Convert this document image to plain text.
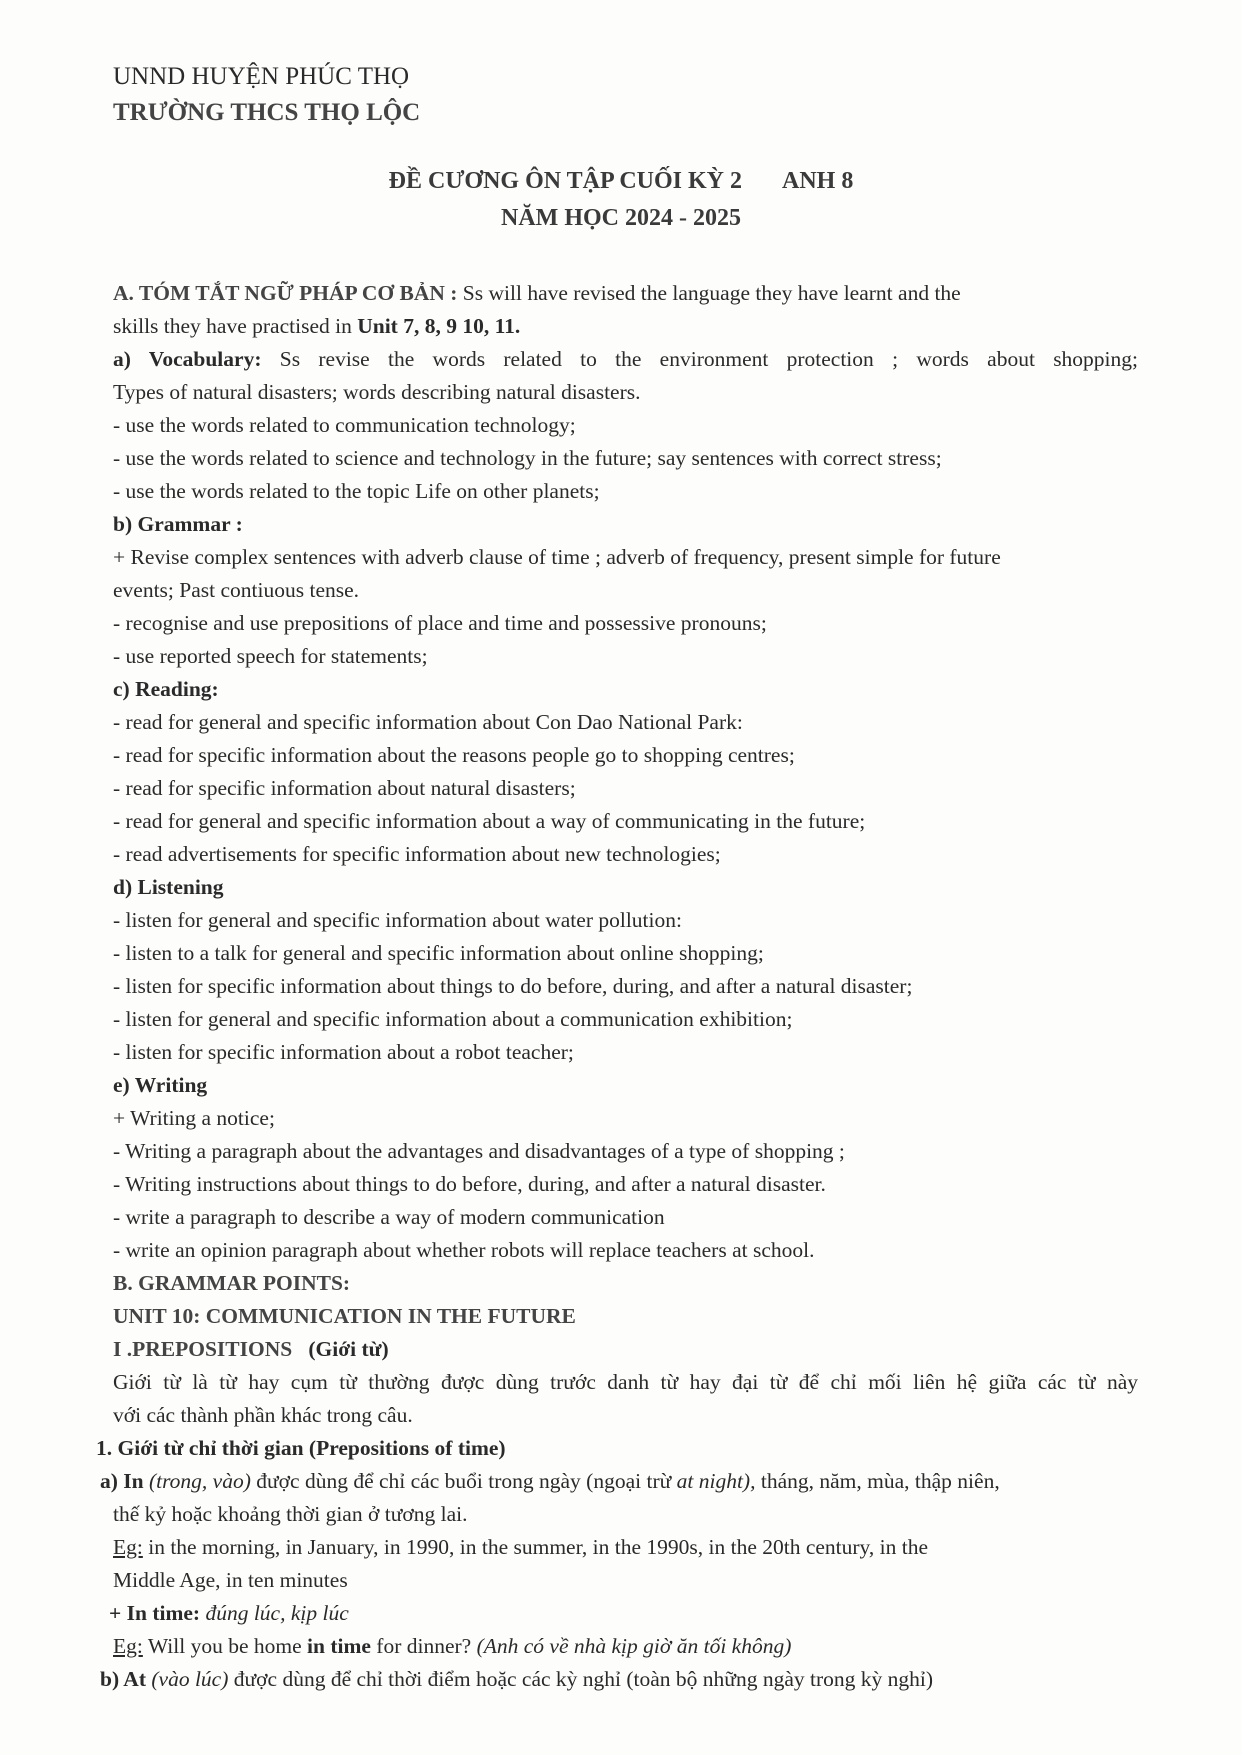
UNND HUYỆN PHÚC THỌ
TRƯỜNG THCS THỌ LỘC
ĐỀ CƯƠNG ÔN TẬP CUỐI KỲ 2 ANH 8
NĂM HỌC 2024 - 2025
A. TÓM TẮT NGỮ PHÁP CƠ BẢN : Ss will have revised the language they have learnt and the
skills they have practised in Unit 7, 8, 9 10, 11.
a) Vocabulary: Ss revise the words related to the environment protection ; words about shopping;
Types of natural disasters; words describing natural disasters.
- use the words related to communication technology;
- use the words related to science and technology in the future; say sentences with correct stress;
- use the words related to the topic Life on other planets;
b) Grammar :
+ Revise complex sentences with adverb clause of time ; adverb of frequency, present simple for future
events; Past contiuous tense.
- recognise and use prepositions of place and time and possessive pronouns;
- use reported speech for statements;
c) Reading:
- read for general and specific information about Con Dao National Park:
- read for specific information about the reasons people go to shopping centres;
- read for specific information about natural disasters;
- read for general and specific information about a way of communicating in the future;
- read advertisements for specific information about new technologies;
d) Listening
- listen for general and specific information about water pollution:
- listen to a talk for general and specific information about online shopping;
- listen for specific information about things to do before, during, and after a natural disaster;
- listen for general and specific information about a communication exhibition;
- listen for specific information about a robot teacher;
e) Writing
+ Writing a notice;
- Writing a paragraph about the advantages and disadvantages of a type of shopping ;
- Writing instructions about things to do before, during, and after a natural disaster.
- write a paragraph to describe a way of modern communication
- write an opinion paragraph about whether robots will replace teachers at school.
B. GRAMMAR POINTS:
UNIT 10: COMMUNICATION IN THE FUTURE
I .PREPOSITIONS (Giới từ)
Giới từ là từ hay cụm từ thường được dùng trước danh từ hay đại từ để chỉ mối liên hệ giữa các từ này
với các thành phần khác trong câu.
1. Giới từ chỉ thời gian (Prepositions of time)
a) In (trong, vào) được dùng để chỉ các buổi trong ngày (ngoại trừ at night), tháng, năm, mùa, thập niên,
thế kỷ hoặc khoảng thời gian ở tương lai.
Eg: in the morning, in January, in 1990, in the summer, in the 1990s, in the 20th century, in the
Middle Age, in ten minutes
+ In time: đúng lúc, kịp lúc
Eg: Will you be home in time for dinner? (Anh có về nhà kịp giờ ăn tối không)
b) At (vào lúc) được dùng để chỉ thời điểm hoặc các kỳ nghỉ (toàn bộ những ngày trong kỳ nghỉ)
